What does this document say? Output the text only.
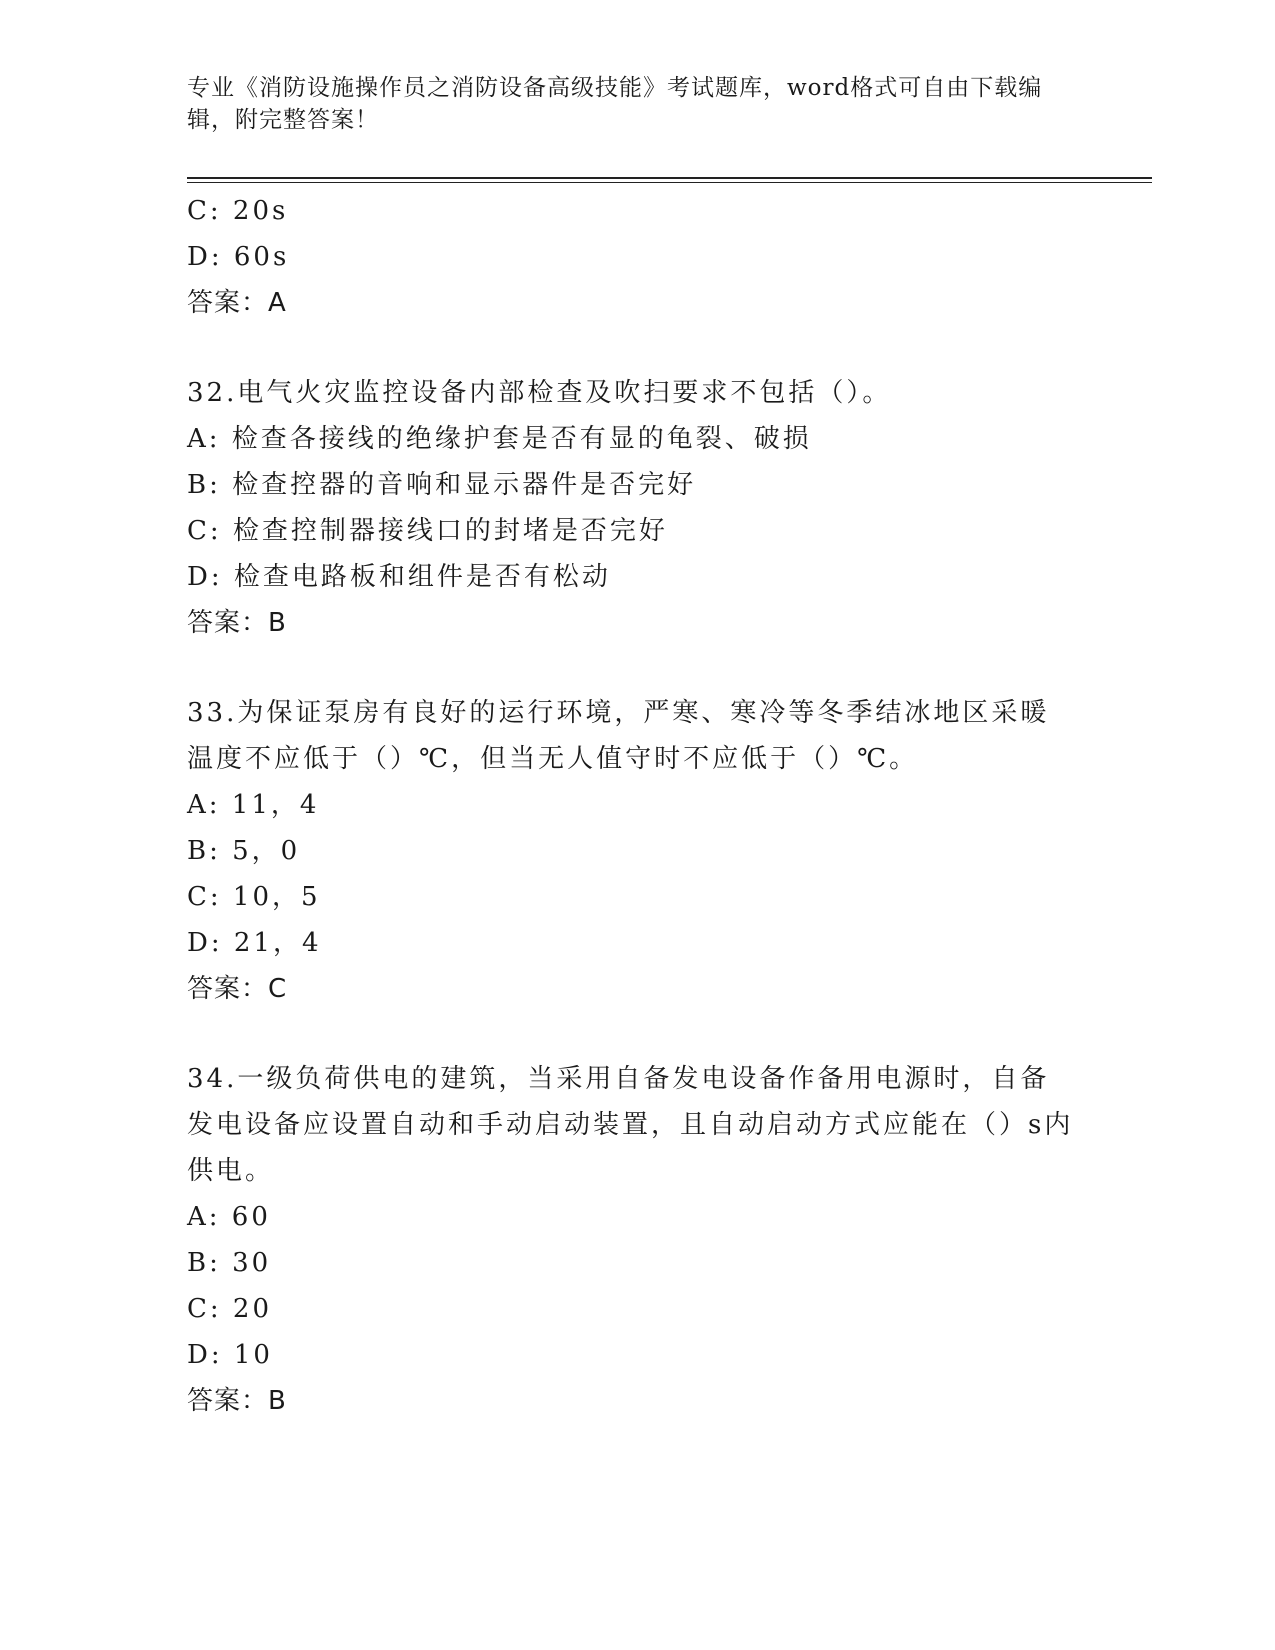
专业《消防设施操作员之消防设备高级技能》考试题库，word格式可自由下载编辑，附完整答案！
C: 20s
D: 60s
答案：A
32.电气火灾监控设备内部检查及吹扫要求不包括（）。
A: 检查各接线的绝缘护套是否有显的龟裂、破损
B: 检查控器的音响和显示器件是否完好
C: 检查控制器接线口的封堵是否完好
D: 检查电路板和组件是否有松动
答案：B
33.为保证泵房有良好的运行环境，严寒、寒冷等冬季结冰地区采暖温度不应低于（）℃，但当无人值守时不应低于（）℃。
A: 11，4
B: 5，0
C: 10，5
D: 21，4
答案：C
34.一级负荷供电的建筑，当采用自备发电设备作备用电源时，自备发电设备应设置自动和手动启动装置，且自动启动方式应能在（）s内供电。
A: 60
B: 30
C: 20
D: 10
答案：B
